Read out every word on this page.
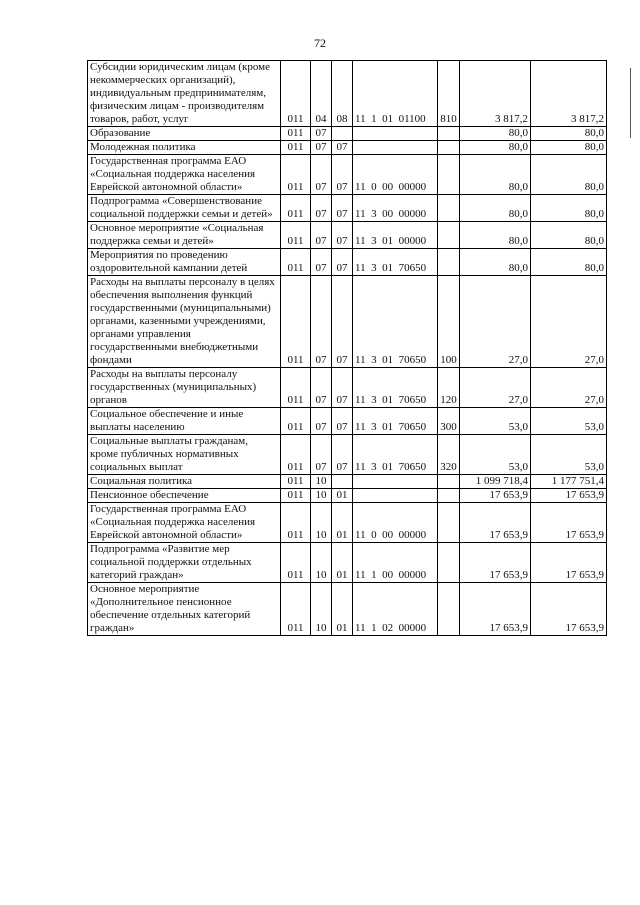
72
Субсидии юридическим лицам (кроме некоммерческих организаций), индивидуальным предпринимателям, физическим лицам - производителям товаров, работ, услуг	011	04	08	11  1  01  01100	810	3 817,2	3 817,2
Образование	011	07				80,0	80,0
Молодежная политика	011	07	07			80,0	80,0
Государственная программа ЕАО «Социальная поддержка населения Еврейской автономной области»	011	07	07	11  0  00  00000		80,0	80,0
Подпрограмма «Совершенствование социальной поддержки семьи и детей»	011	07	07	11  3  00  00000		80,0	80,0
Основное мероприятие «Социальная поддержка семьи и детей»	011	07	07	11  3  01  00000		80,0	80,0
Мероприятия по проведению оздоровительной кампании детей	011	07	07	11  3  01  70650		80,0	80,0
Расходы на выплаты персоналу в целях обеспечения выполнения функций государственными (муниципальными) органами, казенными учреждениями, органами управления государственными внебюджетными фондами	011	07	07	11  3  01  70650	100	27,0	27,0
Расходы на выплаты персоналу государственных (муниципальных) органов	011	07	07	11  3  01  70650	120	27,0	27,0
Социальное обеспечение и иные выплаты населению	011	07	07	11  3  01  70650	300	53,0	53,0
Социальные выплаты гражданам, кроме публичных нормативных социальных выплат	011	07	07	11  3  01  70650	320	53,0	53,0
Социальная политика	011	10				1 099 718,4	1 177 751,4
Пенсионное обеспечение	011	10	01			17 653,9	17 653,9
Государственная программа ЕАО «Социальная поддержка населения Еврейской автономной области»	011	10	01	11  0  00  00000		17 653,9	17 653,9
Подпрограмма «Развитие мер социальной поддержки отдельных категорий граждан»	011	10	01	11  1  00  00000		17 653,9	17 653,9
Основное мероприятие «Дополнительное пенсионное обеспечение отдельных категорий граждан»	011	10	01	11  1  02  00000		17 653,9	17 653,9
